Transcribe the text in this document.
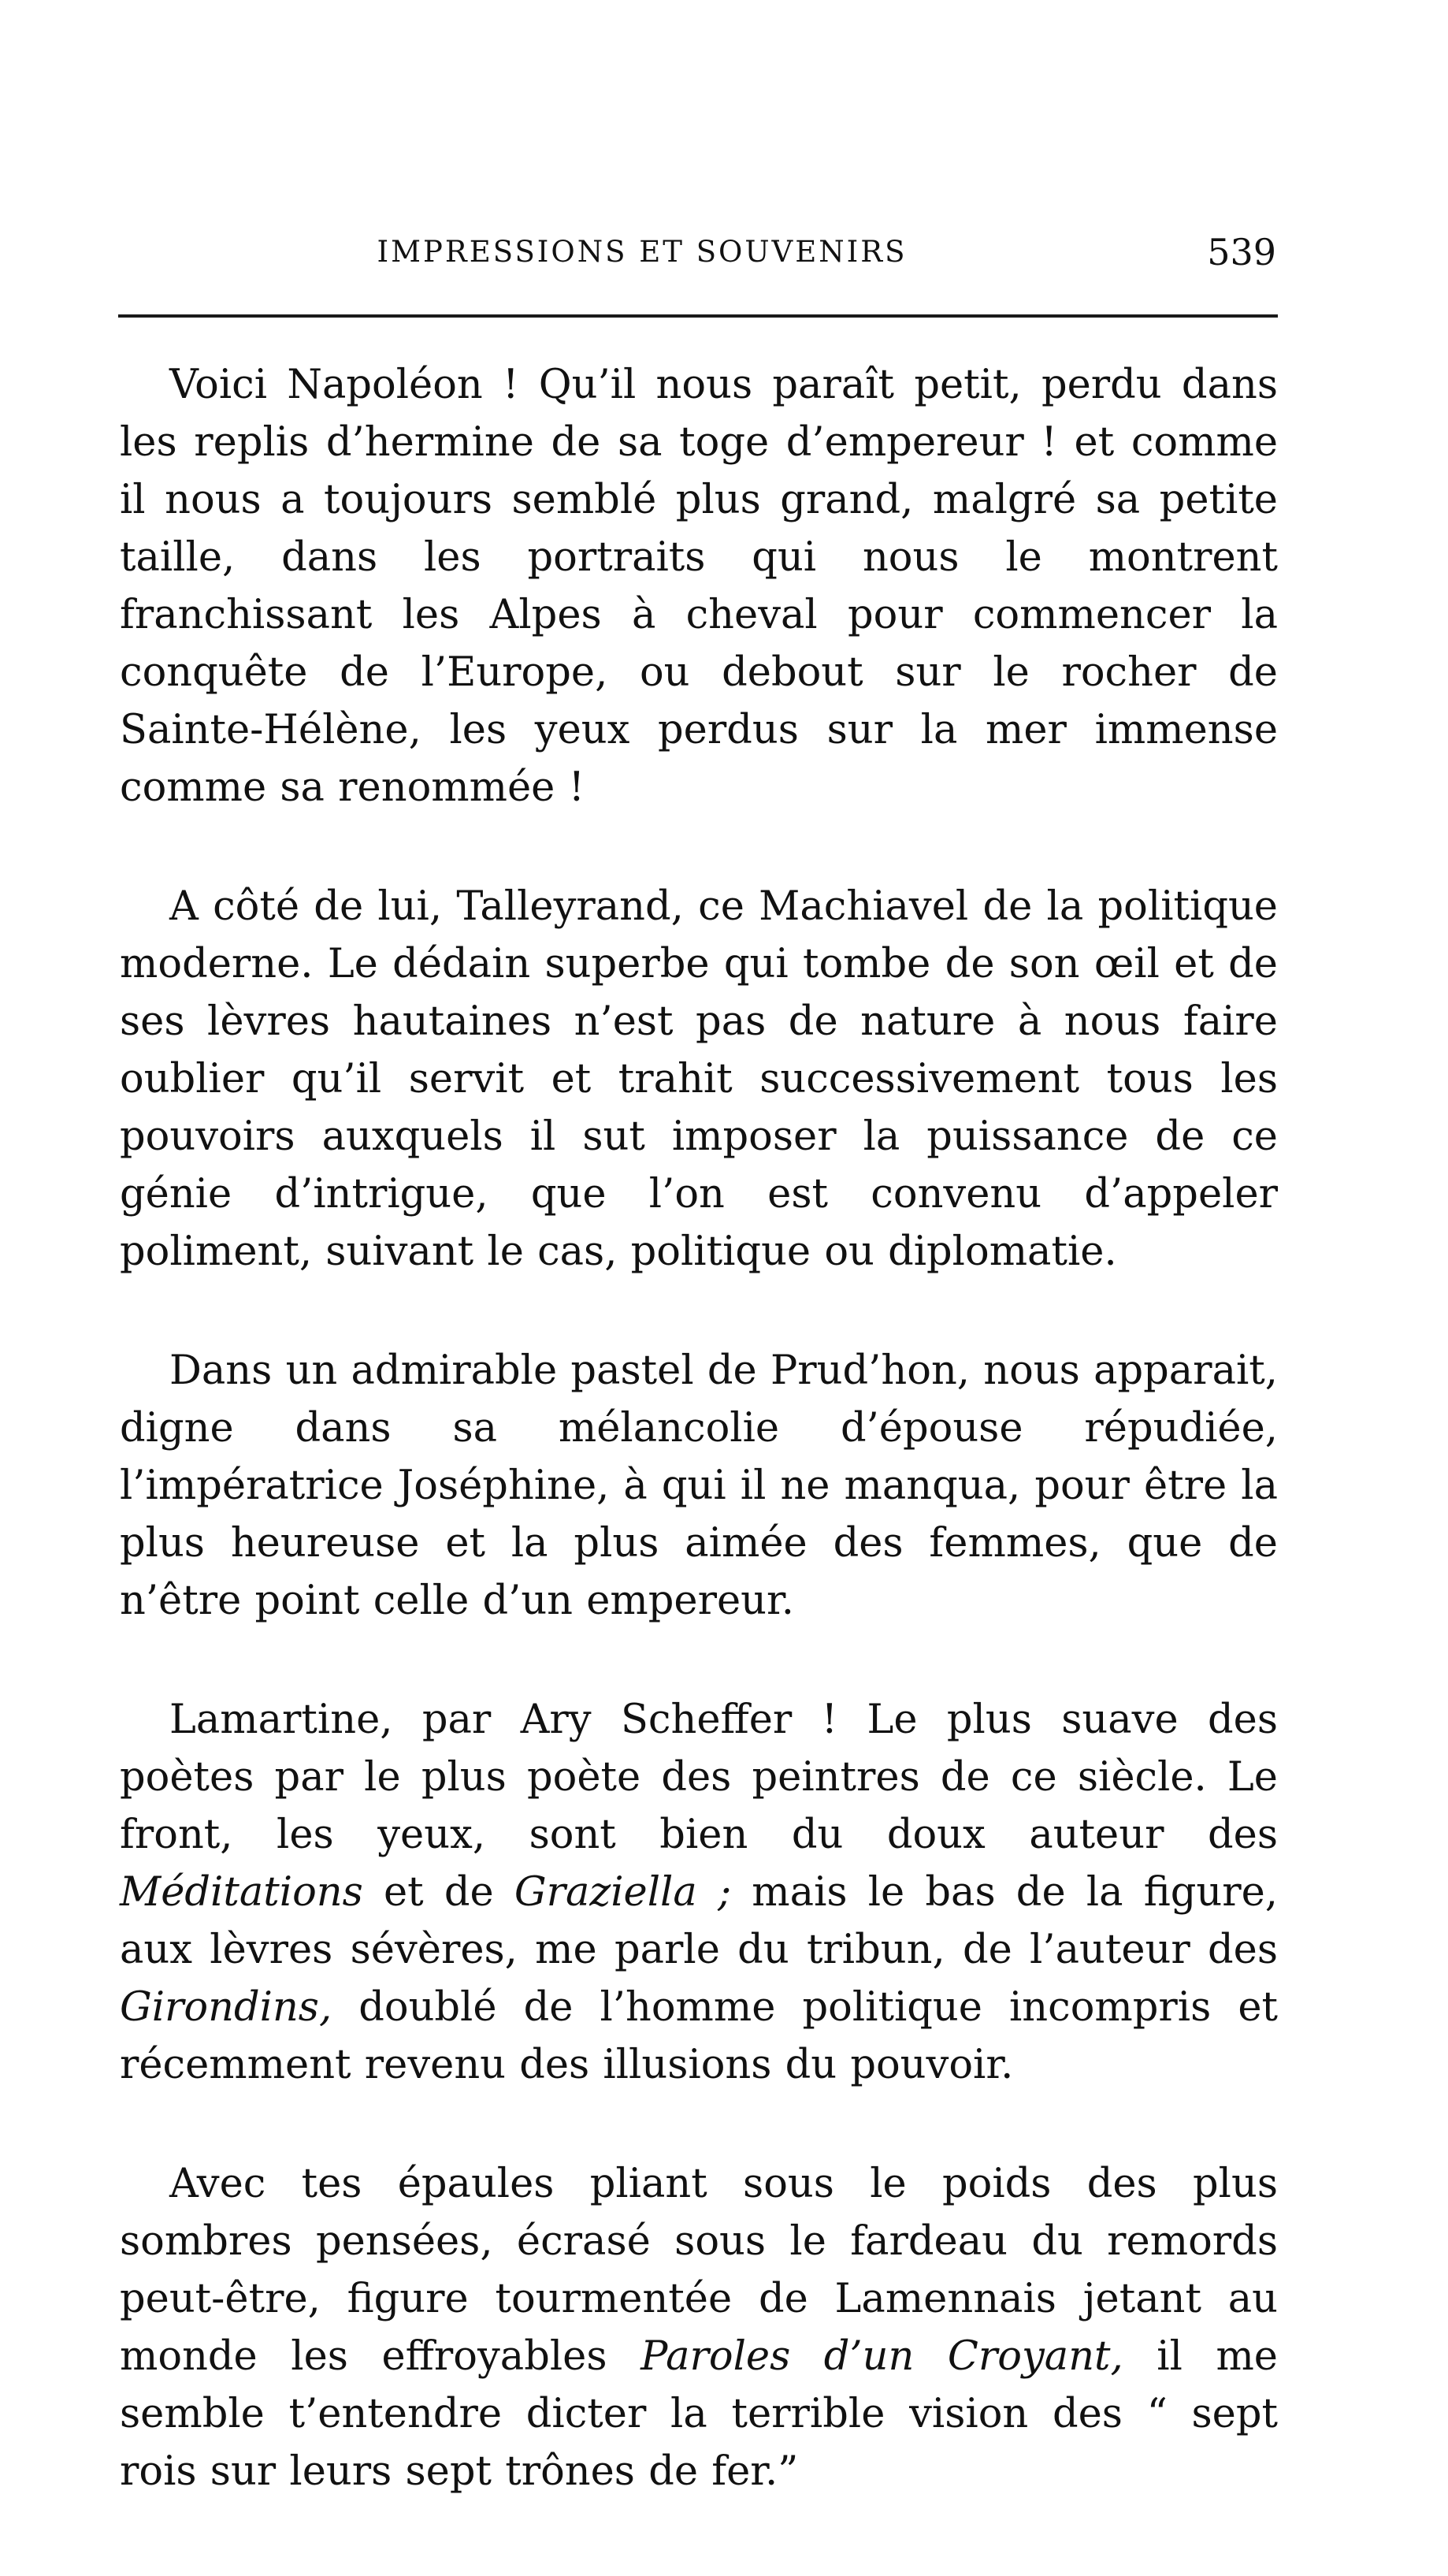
IMPRESSIONS ET SOUVENIRS	539

Voici Napoléon ! Qu’il nous paraît petit, perdu dans les replis d’hermine de sa toge d’empereur ! et comme il nous a toujours semblé plus grand, malgré sa petite taille, dans les portraits qui nous le montrent franchissant les Alpes à cheval pour commencer la conquête de l’Europe, ou debout sur le rocher de Sainte-Hélène, les yeux perdus sur la mer immense comme sa renommée !

A côté de lui, Talleyrand, ce Machiavel de la politique moderne. Le dédain superbe qui tombe de son œil et de ses lèvres hautaines n’est pas de nature à nous faire oublier qu’il servit et trahit successivement tous les pouvoirs auxquels il sut imposer la puissance de ce génie d’intrigue, que l’on est convenu d’appeler poliment, suivant le cas, politique ou diplomatie.

Dans un admirable pastel de Prud’hon, nous apparait, digne dans sa mélancolie d’épouse répudiée, l’impératrice Joséphine, à qui il ne manqua, pour être la plus heureuse et la plus aimée des femmes, que de n’être point celle d’un empereur.

Lamartine, par Ary Scheffer ! Le plus suave des poètes par le plus poète des peintres de ce siècle. Le front, les yeux, sont bien du doux auteur des Méditations et de Graziella ; mais le bas de la figure, aux lèvres sévères, me parle du tribun, de l’auteur des Girondins, doublé de l’homme politique incompris et récemment revenu des illusions du pouvoir.

Avec tes épaules pliant sous le poids des plus sombres pensées, écrasé sous le fardeau du remords peut-être, figure tourmentée de Lamennais jetant au monde les effroyables Paroles d’un Croyant, il me semble t’entendre dicter la terrible vision des “ sept rois sur leurs sept trônes de fer.”
